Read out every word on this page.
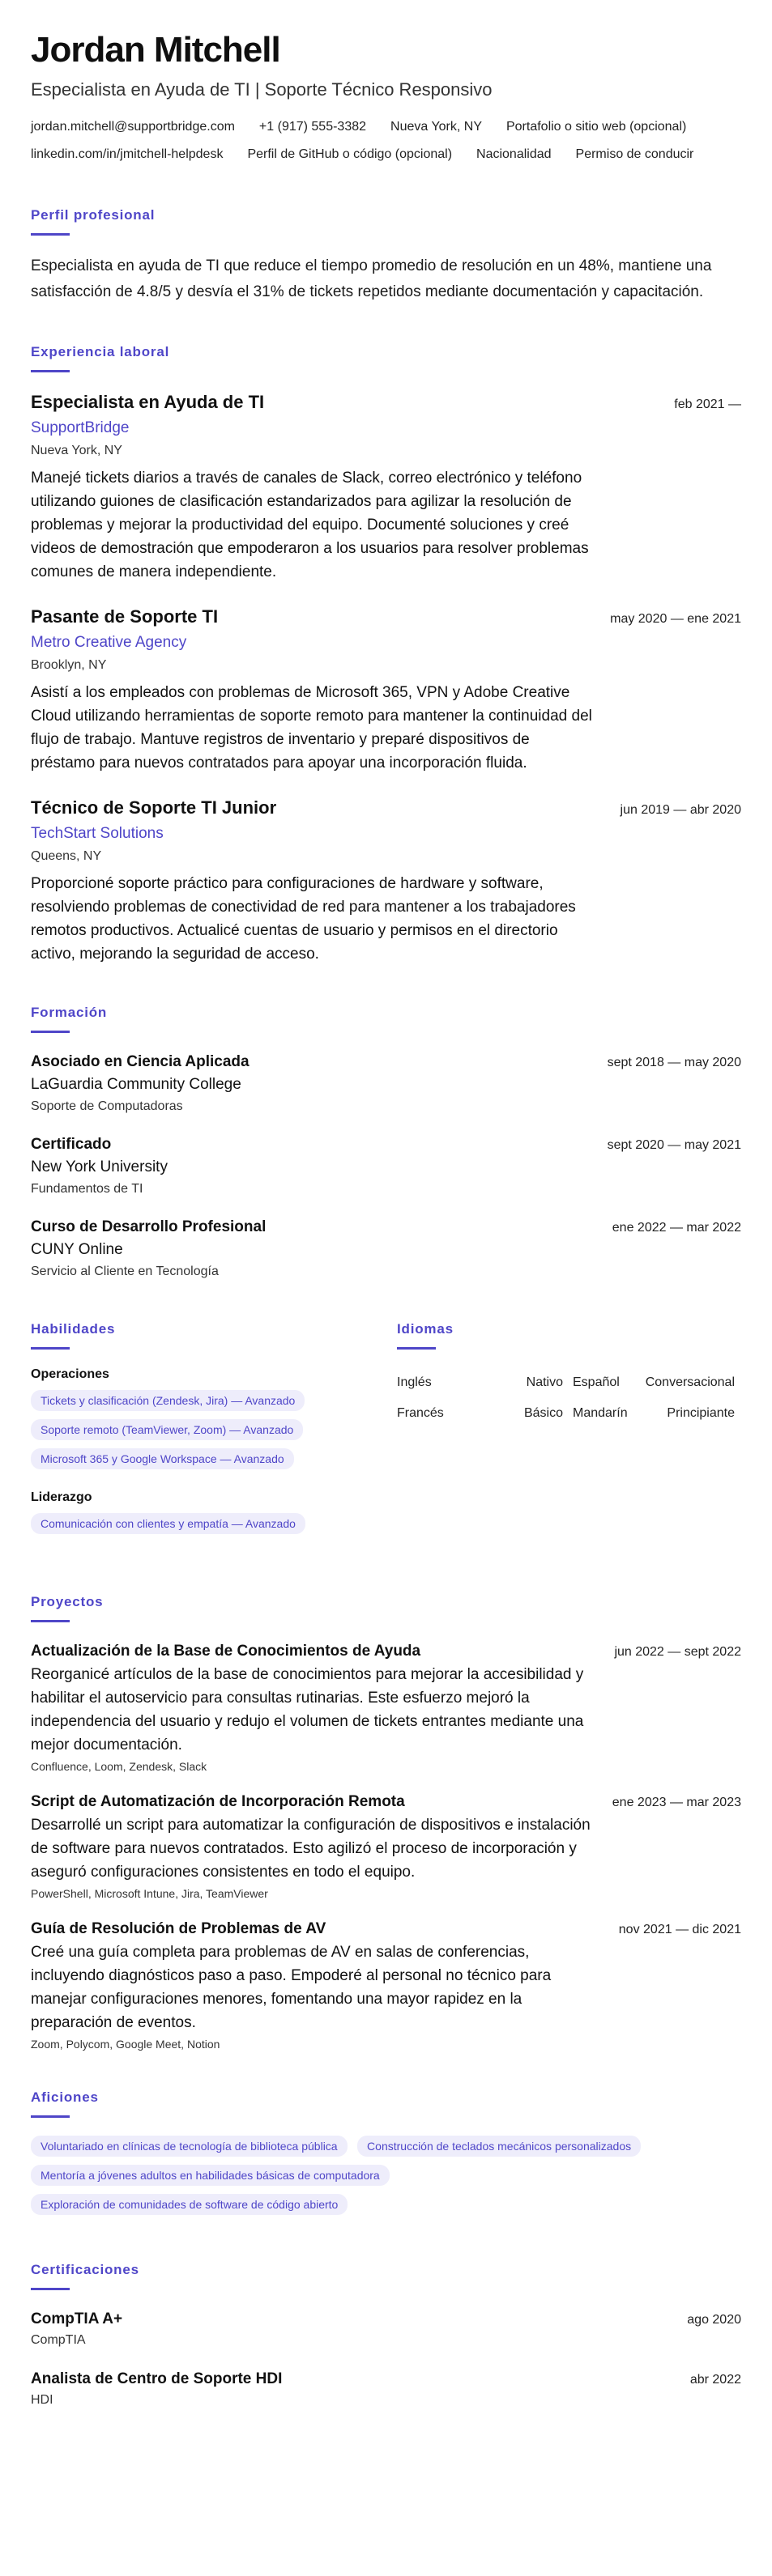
Jordan Mitchell
Especialista en Ayuda de TI | Soporte Técnico Responsivo
jordan.mitchell@supportbridge.com +1 (917) 555-3382 Nueva York, NY Portafolio o sitio web (opcional)
linkedin.com/in/jmitchell-helpdesk Perfil de GitHub o código (opcional) Nacionalidad Permiso de conducir
Perfil profesional
Especialista en ayuda de TI que reduce el tiempo promedio de resolución en un 48%, mantiene una satisfacción de 4.8/5 y desvía el 31% de tickets repetidos mediante documentación y capacitación.
Experiencia laboral
Especialista en Ayuda de TI	feb 2021 —
SupportBridge
Nueva York, NY
Manejé tickets diarios a través de canales de Slack, correo electrónico y teléfono utilizando guiones de clasificación estandarizados para agilizar la resolución de problemas y mejorar la productividad del equipo. Documenté soluciones y creé videos de demostración que empoderaron a los usuarios para resolver problemas comunes de manera independiente.
Pasante de Soporte TI	may 2020 — ene 2021
Metro Creative Agency
Brooklyn, NY
Asistí a los empleados con problemas de Microsoft 365, VPN y Adobe Creative Cloud utilizando herramientas de soporte remoto para mantener la continuidad del flujo de trabajo. Mantuve registros de inventario y preparé dispositivos de préstamo para nuevos contratados para apoyar una incorporación fluida.
Técnico de Soporte TI Junior	jun 2019 — abr 2020
TechStart Solutions
Queens, NY
Proporcioné soporte práctico para configuraciones de hardware y software, resolviendo problemas de conectividad de red para mantener a los trabajadores remotos productivos. Actualicé cuentas de usuario y permisos en el directorio activo, mejorando la seguridad de acceso.
Formación
Asociado en Ciencia Aplicada	sept 2018 — may 2020
LaGuardia Community College
Soporte de Computadoras
Certificado	sept 2020 — may 2021
New York University
Fundamentos de TI
Curso de Desarrollo Profesional	ene 2022 — mar 2022
CUNY Online
Servicio al Cliente en Tecnología
Habilidades
Operaciones
Tickets y clasificación (Zendesk, Jira) — Avanzado
Soporte remoto (TeamViewer, Zoom) — Avanzado
Microsoft 365 y Google Workspace — Avanzado
Liderazgo
Comunicación con clientes y empatía — Avanzado
Idiomas
Inglés	Nativo Español	Conversacional
Francés	Básico Mandarín	Principiante
Proyectos
Actualización de la Base de Conocimientos de Ayuda	jun 2022 — sept 2022
Reorganicé artículos de la base de conocimientos para mejorar la accesibilidad y habilitar el autoservicio para consultas rutinarias. Este esfuerzo mejoró la independencia del usuario y redujo el volumen de tickets entrantes mediante una mejor documentación.
Confluence, Loom, Zendesk, Slack
Script de Automatización de Incorporación Remota	ene 2023 — mar 2023
Desarrollé un script para automatizar la configuración de dispositivos e instalación de software para nuevos contratados. Esto agilizó el proceso de incorporación y aseguró configuraciones consistentes en todo el equipo.
PowerShell, Microsoft Intune, Jira, TeamViewer
Guía de Resolución de Problemas de AV	nov 2021 — dic 2021
Creé una guía completa para problemas de AV en salas de conferencias, incluyendo diagnósticos paso a paso. Empoderé al personal no técnico para manejar configuraciones menores, fomentando una mayor rapidez en la preparación de eventos.
Zoom, Polycom, Google Meet, Notion
Aficiones
Voluntariado en clínicas de tecnología de biblioteca pública	Construcción de teclados mecánicos personalizados
Mentoría a jóvenes adultos en habilidades básicas de computadora
Exploración de comunidades de software de código abierto
Certificaciones
CompTIA A+	ago 2020
CompTIA
Analista de Centro de Soporte HDI	abr 2022
HDI
